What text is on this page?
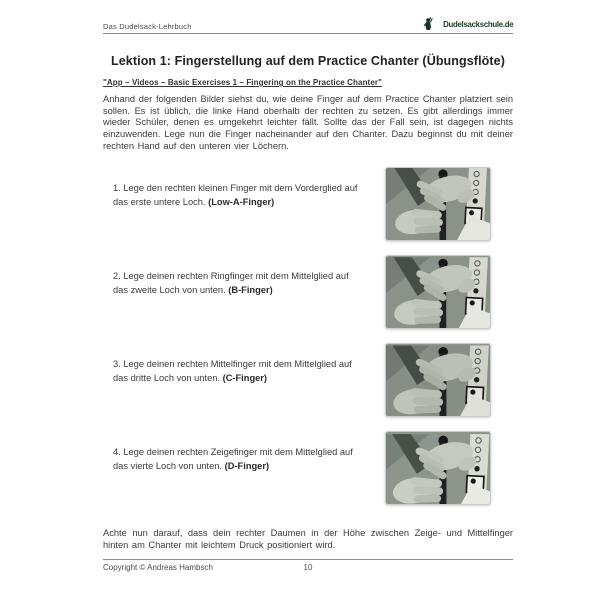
Das Dudelsack-Lehrbuch	Dudelsackschule.de
Lektion 1: Fingerstellung auf dem Practice Chanter (Übungsflöte)
"App – Videos – Basic Exercises 1 – Fingering on the Practice Chanter"

Anhand der folgenden Bilder siehst du, wie deine Finger auf dem Practice Chanter platziert sein sollen. Es ist üblich, die linke Hand oberhalb der rechten zu setzen. Es gibt allerdings immer wieder Schüler, denen es umgekehrt leichter fällt. Sollte das der Fall sein, ist dagegen nichts einzuwenden. Lege nun die Finger nacheinander auf den Chanter. Dazu beginnst du mit deiner rechten Hand auf den unteren vier Löchern.

1. Lege den rechten kleinen Finger mit dem Vorderglied auf das erste untere Loch. (Low-A-Finger)

2. Lege deinen rechten Ringfinger mit dem Mittelglied auf das zweite Loch von unten. (B-Finger)

3. Lege deinen rechten Mittelfinger mit dem Mittelglied auf das dritte Loch von unten. (C-Finger)

4. Lege deinen rechten Zeigefinger mit dem Mittelglied auf das vierte Loch von unten. (D-Finger)

Achte nun darauf, dass dein rechter Daumen in der Höhe zwischen Zeige- und Mittelfinger hinten am Chanter mit leichtem Druck positioniert wird.

Copyright © Andreas Hambsch	10
